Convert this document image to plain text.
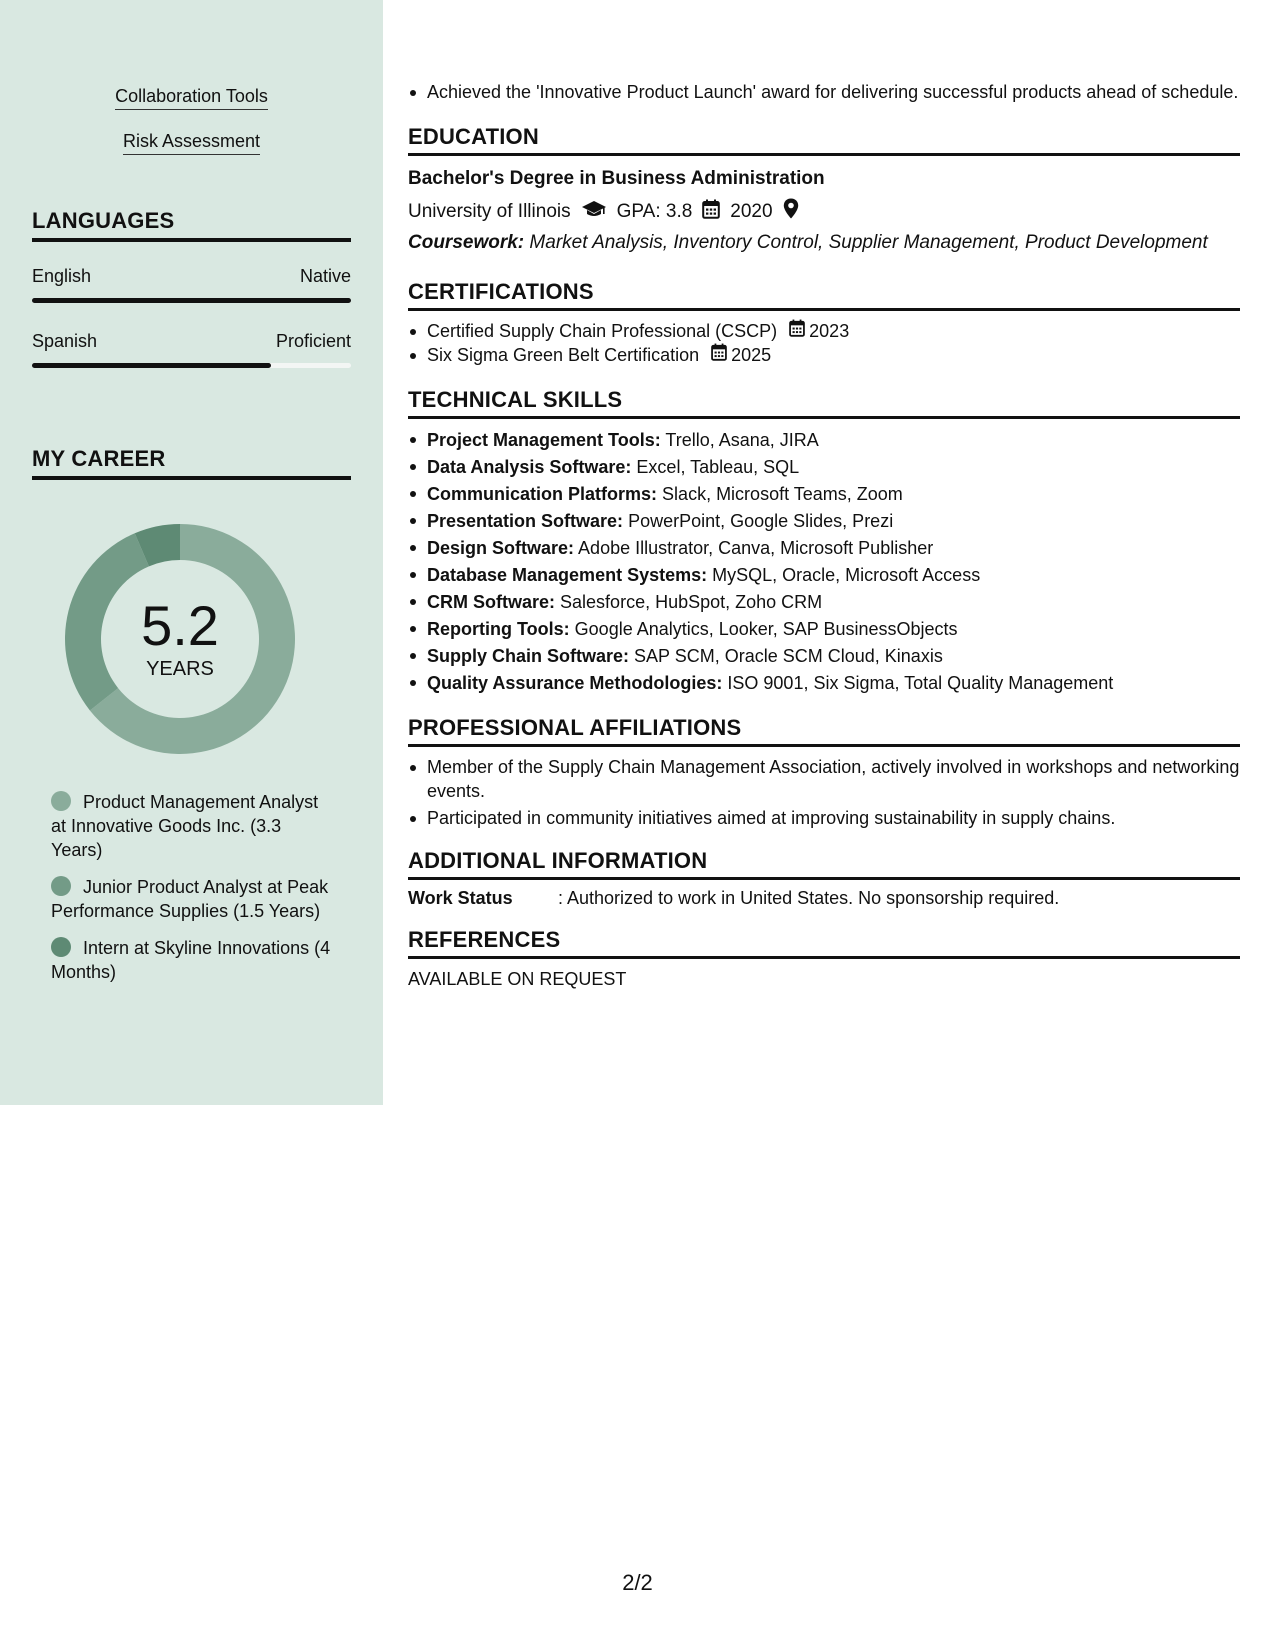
Collaboration Tools
Risk Assessment
LANGUAGES
English	Native
Spanish	Proficient
MY CAREER
5.2
YEARS
Product Management Analyst at Innovative Goods Inc. (3.3 Years)
Junior Product Analyst at Peak Performance Supplies (1.5 Years)
Intern at Skyline Innovations (4 Months)
Achieved the 'Innovative Product Launch' award for delivering successful products ahead of schedule.
EDUCATION
Bachelor's Degree in Business Administration
University of Illinois GPA: 3.8 2020
Coursework: Market Analysis, Inventory Control, Supplier Management, Product Development
CERTIFICATIONS
Certified Supply Chain Professional (CSCP) 2023
Six Sigma Green Belt Certification 2025
TECHNICAL SKILLS
Project Management Tools: Trello, Asana, JIRA
Data Analysis Software: Excel, Tableau, SQL
Communication Platforms: Slack, Microsoft Teams, Zoom
Presentation Software: PowerPoint, Google Slides, Prezi
Design Software: Adobe Illustrator, Canva, Microsoft Publisher
Database Management Systems: MySQL, Oracle, Microsoft Access
CRM Software: Salesforce, HubSpot, Zoho CRM
Reporting Tools: Google Analytics, Looker, SAP BusinessObjects
Supply Chain Software: SAP SCM, Oracle SCM Cloud, Kinaxis
Quality Assurance Methodologies: ISO 9001, Six Sigma, Total Quality Management
PROFESSIONAL AFFILIATIONS
Member of the Supply Chain Management Association, actively involved in workshops and networking events.
Participated in community initiatives aimed at improving sustainability in supply chains.
ADDITIONAL INFORMATION
Work Status	: Authorized to work in United States. No sponsorship required.
REFERENCES
AVAILABLE ON REQUEST
2/2
